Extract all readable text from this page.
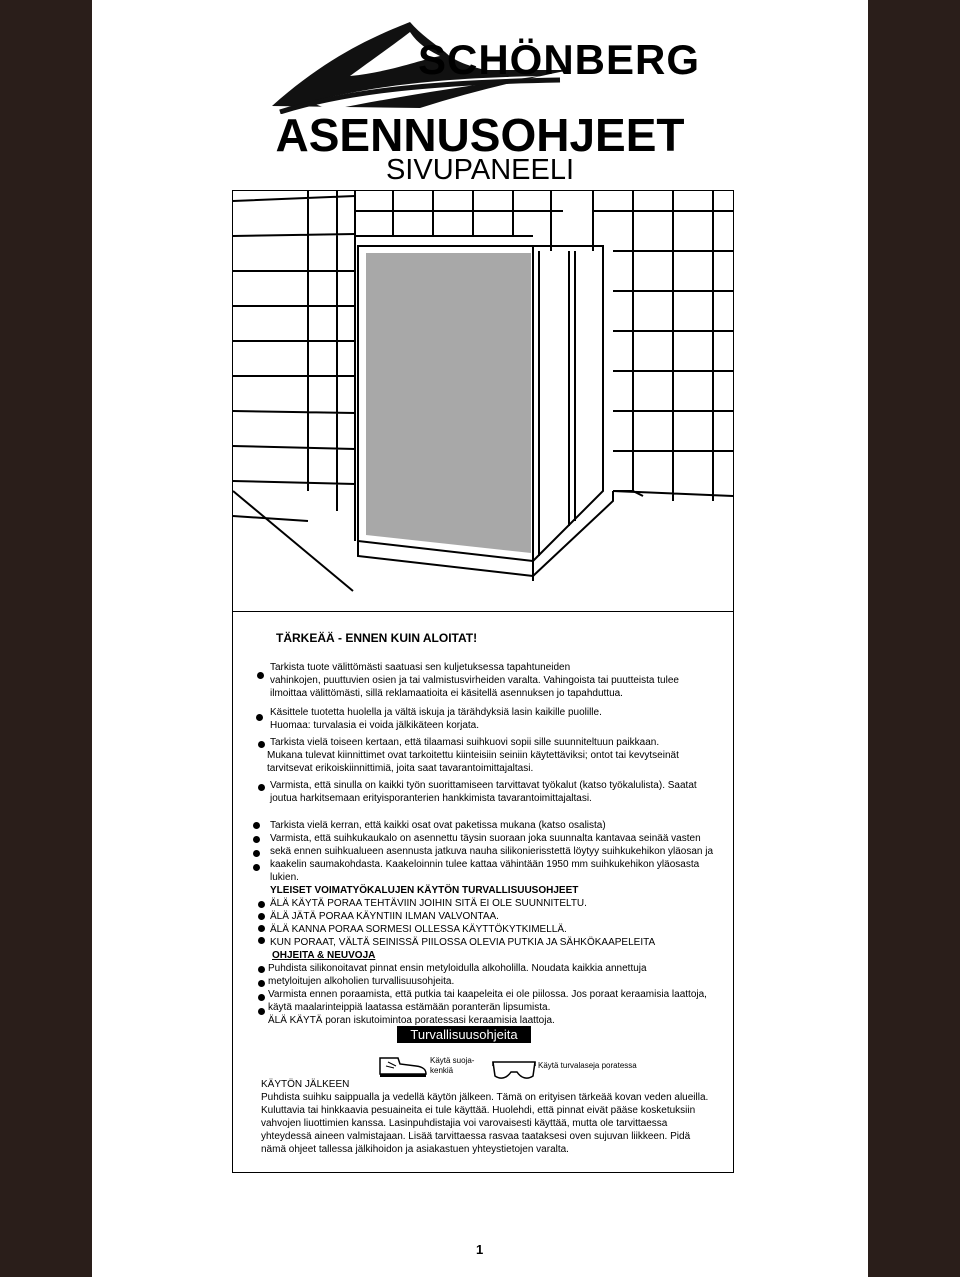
SCHÖNBERG
ASENNUSOHJEET
SIVUPANEELI
TÄRKEÄÄ - ENNEN KUIN ALOITAT!
Tarkista tuote välittömästi saatuasi sen kuljetuksessa tapahtuneiden
vahinkojen, puuttuvien osien ja tai valmistusvirheiden varalta. Vahingoista tai puutteista tulee
ilmoittaa välittömästi, sillä reklamaatioita ei käsitellä asennuksen jo tapahduttua.
Käsittele tuotetta huolella ja vältä iskuja ja tärähdyksiä lasin kaikille puolille.
Huomaa: turvalasia ei voida jälkikäteen korjata.
Tarkista vielä toiseen kertaan, että tilaamasi suihkuovi sopii sille suunniteltuun paikkaan.
Mukana tulevat kiinnittimet ovat tarkoitettu kiinteisiin seiniin käytettäviksi; ontot tai kevytseinät
tarvitsevat erikoiskiinnittimiä, joita saat tavarantoimittajaltasi.
Varmista, että sinulla on kaikki työn suorittamiseen tarvittavat työkalut (katso työkalulista). Saatat
joutua harkitsemaan erityisporanterien hankkimista tavarantoimittajaltasi.
Tarkista vielä kerran, että kaikki osat ovat paketissa mukana (katso osalista)
Varmista, että suihkukaukalo on asennettu täysin suoraan joka suunnalta kantavaa seinää vasten
sekä ennen suihkualueen asennusta jatkuva nauha silikonierisstettä löytyy suihkukehikon yläosan ja
kaakelin saumakohdasta. Kaakeloinnin tulee kattaa vähintään 1950 mm suihkukehikon yläosasta
lukien.
YLEISET VOIMATYÖKALUJEN KÄYTÖN TURVALLISUUSOHJEET
ÄLÄ KÄYTÄ PORAA TEHTÄVIIN JOIHIN SITÄ EI OLE SUUNNITELTU.
ÄLÄ JÄTÄ PORAA KÄYNTIIN ILMAN VALVONTAA.
ÄLÄ KANNA PORAA SORMESI OLLESSA KÄYTTÖKYTKIMELLÄ.
KUN PORAAT, VÄLTÄ SEINISSÄ PIILOSSA OLEVIA PUTKIA JA SÄHKÖKAAPELEITA
OHJEITA & NEUVOJA
Puhdista silikonoitavat pinnat ensin metyloidulla alkoholilla. Noudata kaikkia annettuja
metyloitujen alkoholien turvallisuusohjeita.
Varmista ennen poraamista, että putkia tai kaapeleita ei ole piilossa. Jos poraat keraamisia laattoja,
käytä maalarinteippiä laatassa estämään poranterän lipsumista.
ÄLÄ KÄYTÄ poran iskutoimintoa poratessasi keraamisia laattoja.
Turvallisuusohjeita
Käytä suoja-
kenkiä
Käytä turvalaseja poratessa
KÄYTÖN JÄLKEEN
Puhdista suihku saippualla ja vedellä käytön jälkeen. Tämä on erityisen tärkeää kovan veden alueilla.
Kuluttavia tai hinkkaavia pesuaineita ei tule käyttää. Huolehdi, että pinnat eivät pääse kosketuksiin
vahvojen liuottimien kanssa. Lasinpuhdistajia voi varovaisesti käyttää, mutta ole tarvittaessa
yhteydessä aineen valmistajaan. Lisää tarvittaessa rasvaa taataksesi oven sujuvan liikkeen. Pidä
nämä ohjeet tallessa jälkihoidon ja asiakastuen yhteystietojen varalta.
1
